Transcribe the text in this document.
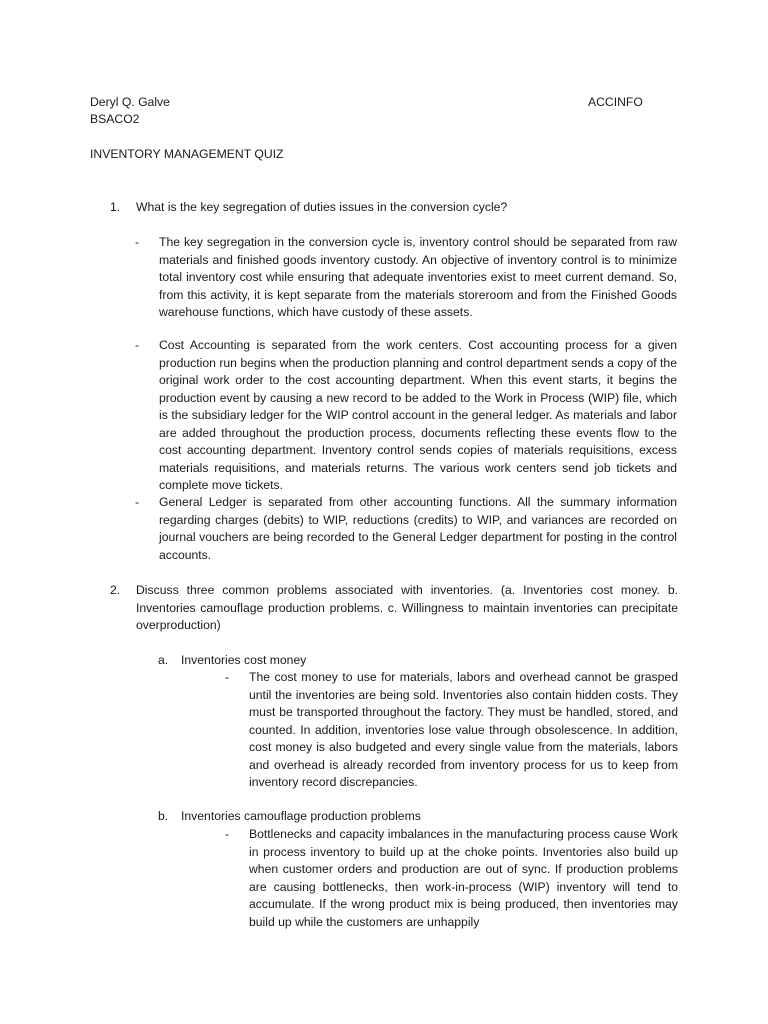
Deryl Q. Galve	ACCINFO
BSACO2
INVENTORY MANAGEMENT QUIZ
1. What is the key segregation of duties issues in the conversion cycle?
- The key segregation in the conversion cycle is, inventory control should be separated from raw materials and finished goods inventory custody. An objective of inventory control is to minimize total inventory cost while ensuring that adequate inventories exist to meet current demand. So, from this activity, it is kept separate from the materials storeroom and from the Finished Goods warehouse functions, which have custody of these assets.
- Cost Accounting is separated from the work centers. Cost accounting process for a given production run begins when the production planning and control department sends a copy of the original work order to the cost accounting department. When this event starts, it begins the production event by causing a new record to be added to the Work in Process (WIP) file, which is the subsidiary ledger for the WIP control account in the general ledger. As materials and labor are added throughout the production process, documents reflecting these events flow to the cost accounting department. Inventory control sends copies of materials requisitions, excess materials requisitions, and materials returns. The various work centers send job tickets and complete move tickets.
- General Ledger is separated from other accounting functions. All the summary information regarding charges (debits) to WIP, reductions (credits) to WIP, and variances are recorded on journal vouchers are being recorded to the General Ledger department for posting in the control accounts.
2. Discuss three common problems associated with inventories. (a. Inventories cost money. b. Inventories camouflage production problems. c. Willingness to maintain inventories can precipitate overproduction)
a. Inventories cost money
- The cost money to use for materials, labors and overhead cannot be grasped until the inventories are being sold. Inventories also contain hidden costs. They must be transported throughout the factory. They must be handled, stored, and counted. In addition, inventories lose value through obsolescence. In addition, cost money is also budgeted and every single value from the materials, labors and overhead is already recorded from inventory process for us to keep from inventory record discrepancies.
b. Inventories camouflage production problems
- Bottlenecks and capacity imbalances in the manufacturing process cause Work in process inventory to build up at the choke points. Inventories also build up when customer orders and production are out of sync. If production problems are causing bottlenecks, then work-in-process (WIP) inventory will tend to accumulate. If the wrong product mix is being produced, then inventories may build up while the customers are unhappily
